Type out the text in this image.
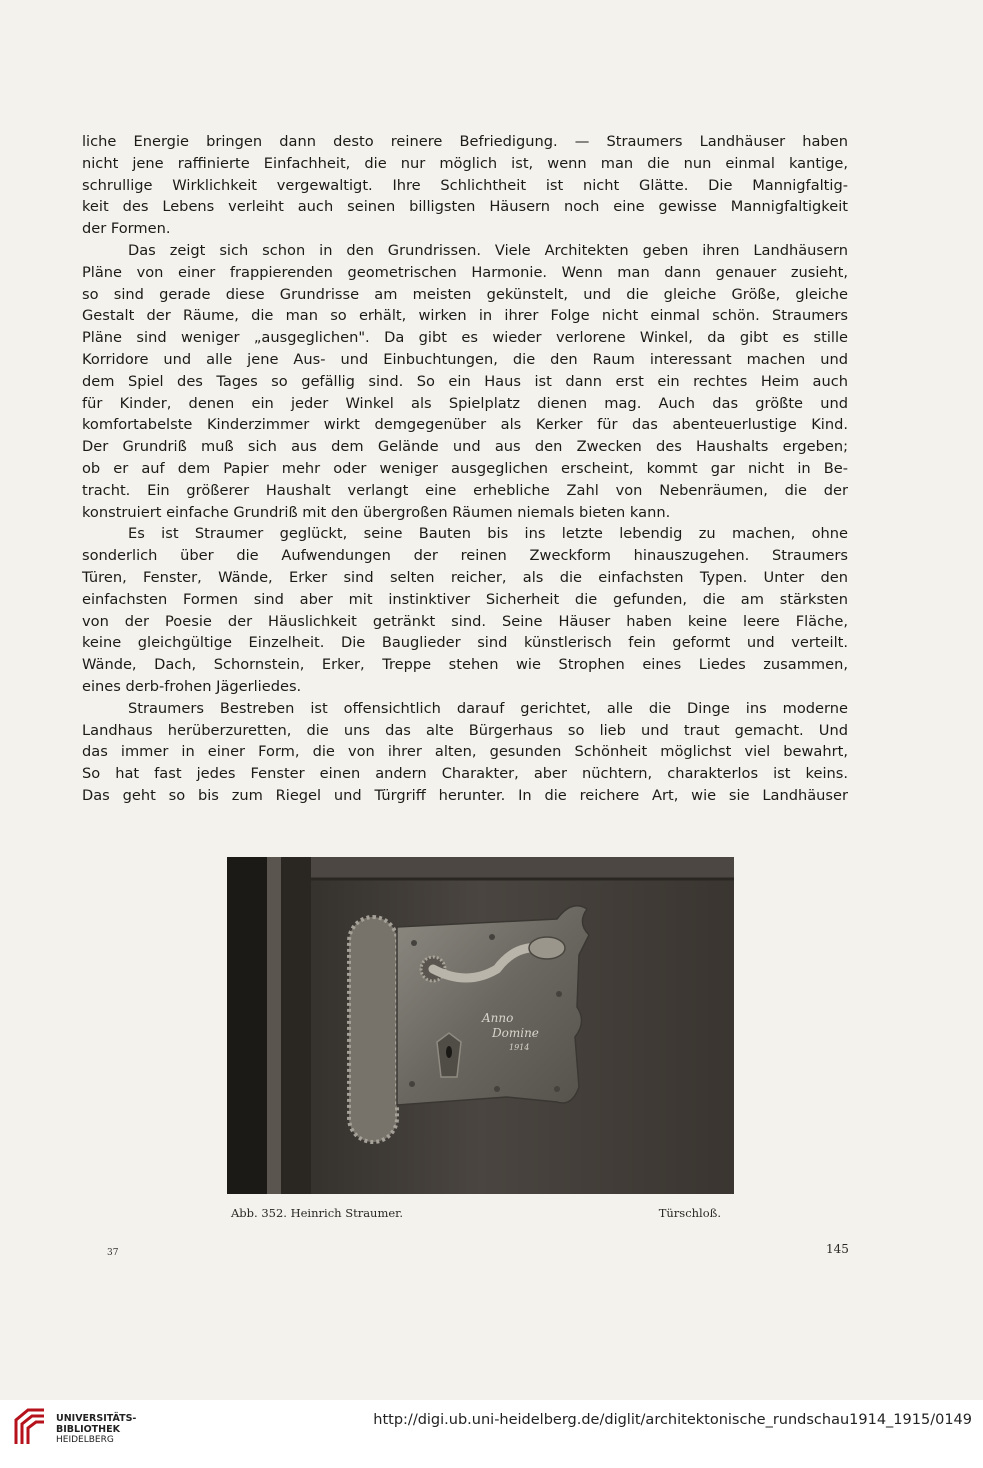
liche Energie bringen dann desto reinere Befriedigung. — Straumers Landhäuser haben
nicht jene raffinierte Einfachheit, die nur möglich ist, wenn man die nun einmal kantige,
schrullige Wirklichkeit vergewaltigt. Ihre Schlichtheit ist nicht Glätte. Die Mannigfaltig-
keit des Lebens verleiht auch seinen billigsten Häusern noch eine gewisse Mannigfaltigkeit
der Formen.
Das zeigt sich schon in den Grundrissen. Viele Architekten geben ihren Landhäusern
Pläne von einer frappierenden geometrischen Harmonie. Wenn man dann genauer zusieht,
so sind gerade diese Grundrisse am meisten gekünstelt, und die gleiche Größe, gleiche
Gestalt der Räume, die man so erhält, wirken in ihrer Folge nicht einmal schön. Straumers
Pläne sind weniger „ausgeglichen". Da gibt es wieder verlorene Winkel, da gibt es stille
Korridore und alle jene Aus- und Einbuchtungen, die den Raum interessant machen und
dem Spiel des Tages so gefällig sind. So ein Haus ist dann erst ein rechtes Heim auch
für Kinder, denen ein jeder Winkel als Spielplatz dienen mag. Auch das größte und
komfortabelste Kinderzimmer wirkt demgegenüber als Kerker für das abenteuerlustige Kind.
Der Grundriß muß sich aus dem Gelände und aus den Zwecken des Haushalts ergeben;
ob er auf dem Papier mehr oder weniger ausgeglichen erscheint, kommt gar nicht in Be-
tracht. Ein größerer Haushalt verlangt eine erhebliche Zahl von Nebenräumen, die der
konstruiert einfache Grundriß mit den übergroßen Räumen niemals bieten kann.
Es ist Straumer geglückt, seine Bauten bis ins letzte lebendig zu machen, ohne
sonderlich über die Aufwendungen der reinen Zweckform hinauszugehen. Straumers
Türen, Fenster, Wände, Erker sind selten reicher, als die einfachsten Typen. Unter den
einfachsten Formen sind aber mit instinktiver Sicherheit die gefunden, die am stärksten
von der Poesie der Häuslichkeit getränkt sind. Seine Häuser haben keine leere Fläche,
keine gleichgültige Einzelheit. Die Bauglieder sind künstlerisch fein geformt und verteilt.
Wände, Dach, Schornstein, Erker, Treppe stehen wie Strophen eines Liedes zusammen,
eines derb-frohen Jägerliedes.
Straumers Bestreben ist offensichtlich darauf gerichtet, alle die Dinge ins moderne
Landhaus herüberzuretten, die uns das alte Bürgerhaus so lieb und traut gemacht. Und
das immer in einer Form, die von ihrer alten, gesunden Schönheit möglichst viel bewahrt,
So hat fast jedes Fenster einen andern Charakter, aber nüchtern, charakterlos ist keins.
Das geht so bis zum Riegel und Türgriff herunter. In die reichere Art, wie sie Landhäuser
Anno
Domine
1914
Abb. 352. Heinrich Straumer.	Türschloß.
37	145
UNIVERSITÄTS-
BIBLIOTHEK
HEIDELBERG
http://digi.ub.uni-heidelberg.de/diglit/architektonische_rundschau1914_1915/0149
